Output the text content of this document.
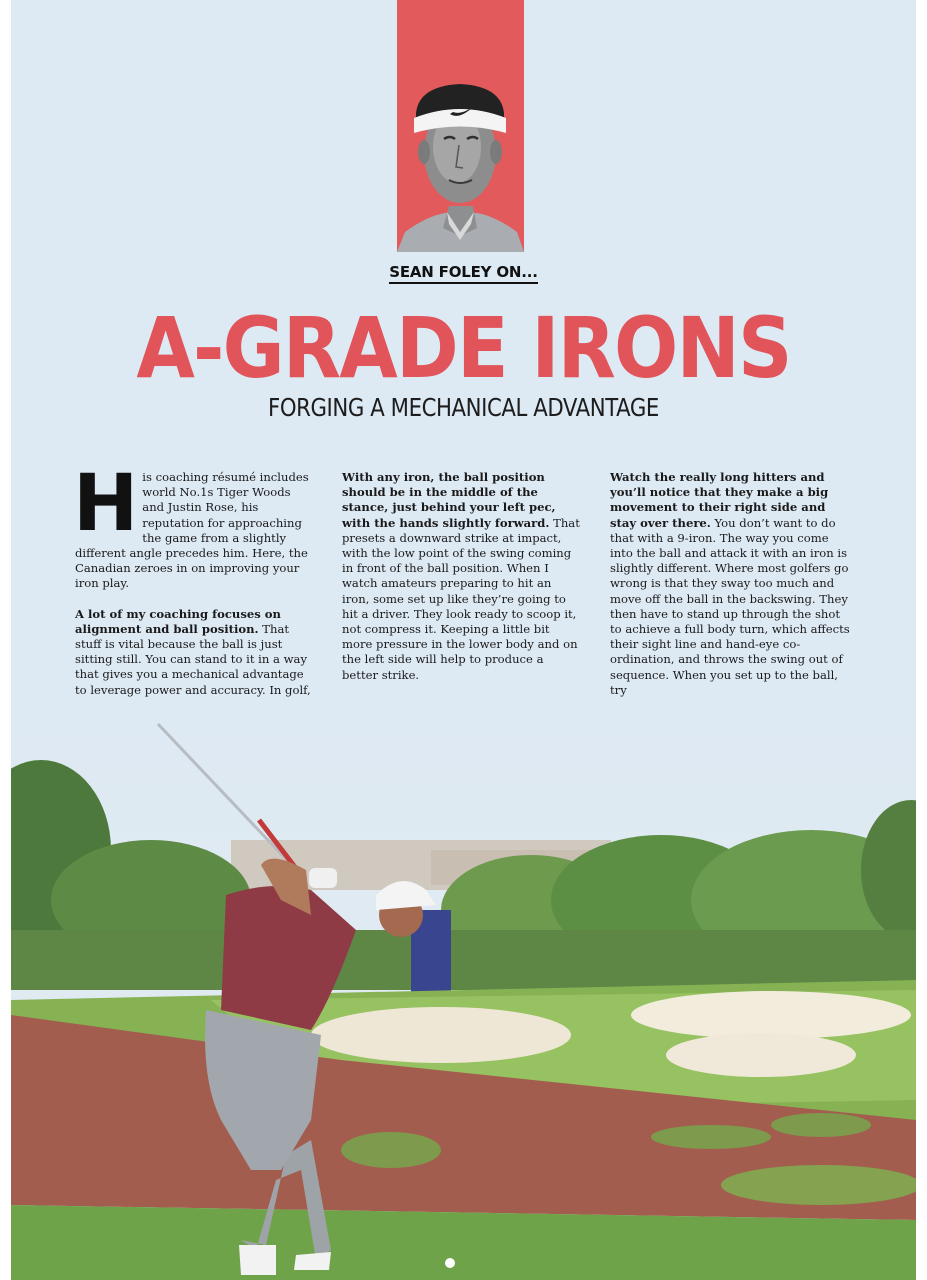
SEAN FOLEY ON...
A-GRADE IRONS
FORGING A MECHANICAL ADVANTAGE

His coaching résumé includes world No.1s Tiger Woods and Justin Rose, his reputation for approaching the game from a slightly different angle precedes him. Here, the Canadian zeroes in on improving your iron play.

A lot of my coaching focuses on alignment and ball position. That stuff is vital because the ball is just sitting still. You can stand to it in a way that gives you a mechanical advantage to leverage power and accuracy. In golf,

With any iron, the ball position should be in the middle of the stance, just behind your left pec, with the hands slightly forward. That presets a downward strike at impact, with the low point of the swing coming in front of the ball position. When I watch amateurs preparing to hit an iron, some set up like they’re going to hit a driver. They look ready to scoop it, not compress it. Keeping a little bit more pressure in the lower body and on the left side will help to produce a better strike.

Watch the really long hitters and you’ll notice that they make a big movement to their right side and stay over there. You don’t want to do that with a 9-iron. The way you come into the ball and attack it with an iron is slightly different. Where most golfers go wrong is that they sway too much and move off the ball in the backswing. They then have to stand up through the shot to achieve a full body turn, which affects their sight line and hand-eye co-ordination, and throws the swing out of sequence. When you set up to the ball, try
